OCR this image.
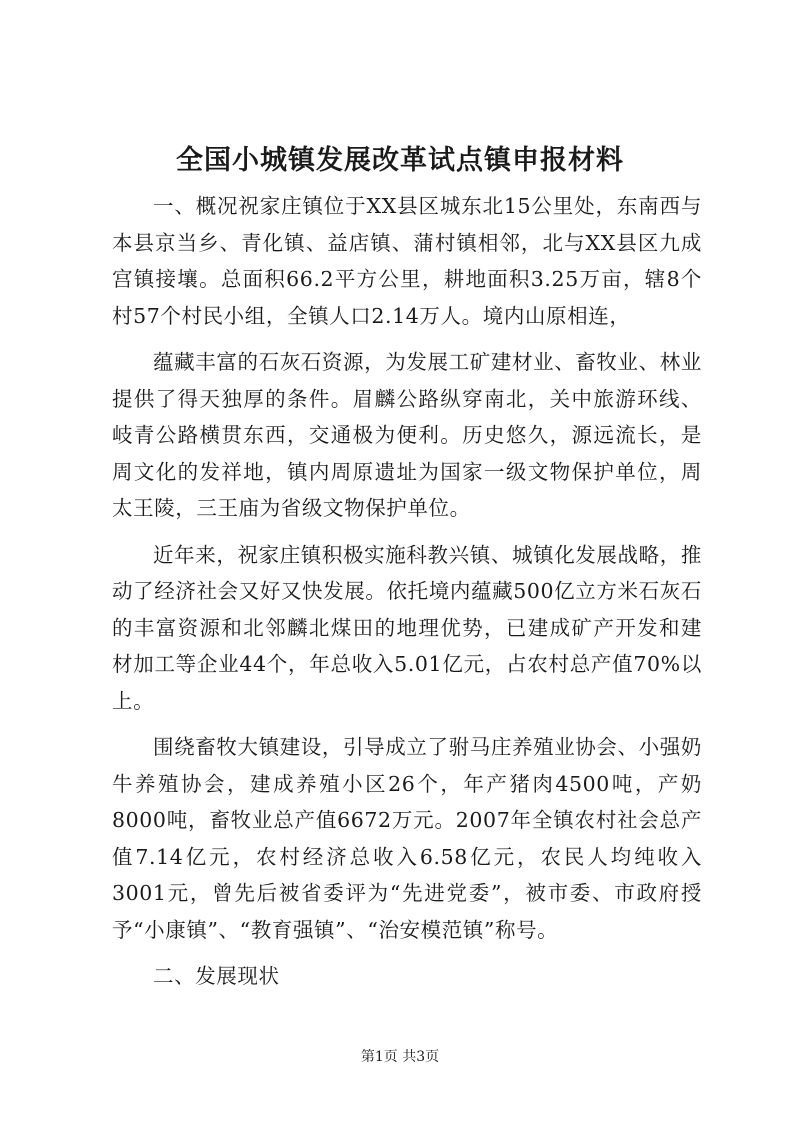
全国小城镇发展改革试点镇申报材料

一、概况祝家庄镇位于XX县区城东北15公里处，东南西与本县京当乡、青化镇、益店镇、蒲村镇相邻，北与XX县区九成宫镇接壤。总面积66.2平方公里，耕地面积3.25万亩，辖8个村57个村民小组，全镇人口2.14万人。境内山原相连，

蕴藏丰富的石灰石资源，为发展工矿建材业、畜牧业、林业提供了得天独厚的条件。眉麟公路纵穿南北，关中旅游环线、岐青公路横贯东西，交通极为便利。历史悠久，源远流长，是周文化的发祥地，镇内周原遗址为国家一级文物保护单位，周太王陵，三王庙为省级文物保护单位。

近年来，祝家庄镇积极实施科教兴镇、城镇化发展战略，推动了经济社会又好又快发展。依托境内蕴藏500亿立方米石灰石的丰富资源和北邻麟北煤田的地理优势，已建成矿产开发和建材加工等企业44个，年总收入5.01亿元，占农村总产值70%以上。

围绕畜牧大镇建设，引导成立了驸马庄养殖业协会、小强奶牛养殖协会，建成养殖小区26个，年产猪肉4500吨，产奶8000吨，畜牧业总产值6672万元。2007年全镇农村社会总产值7.14亿元，农村经济总收入6.58亿元，农民人均纯收入3001元，曾先后被省委评为“先进党委”，被市委、市政府授予“小康镇”、“教育强镇”、“治安模范镇”称号。

二、发展现状

第1页 共3页
